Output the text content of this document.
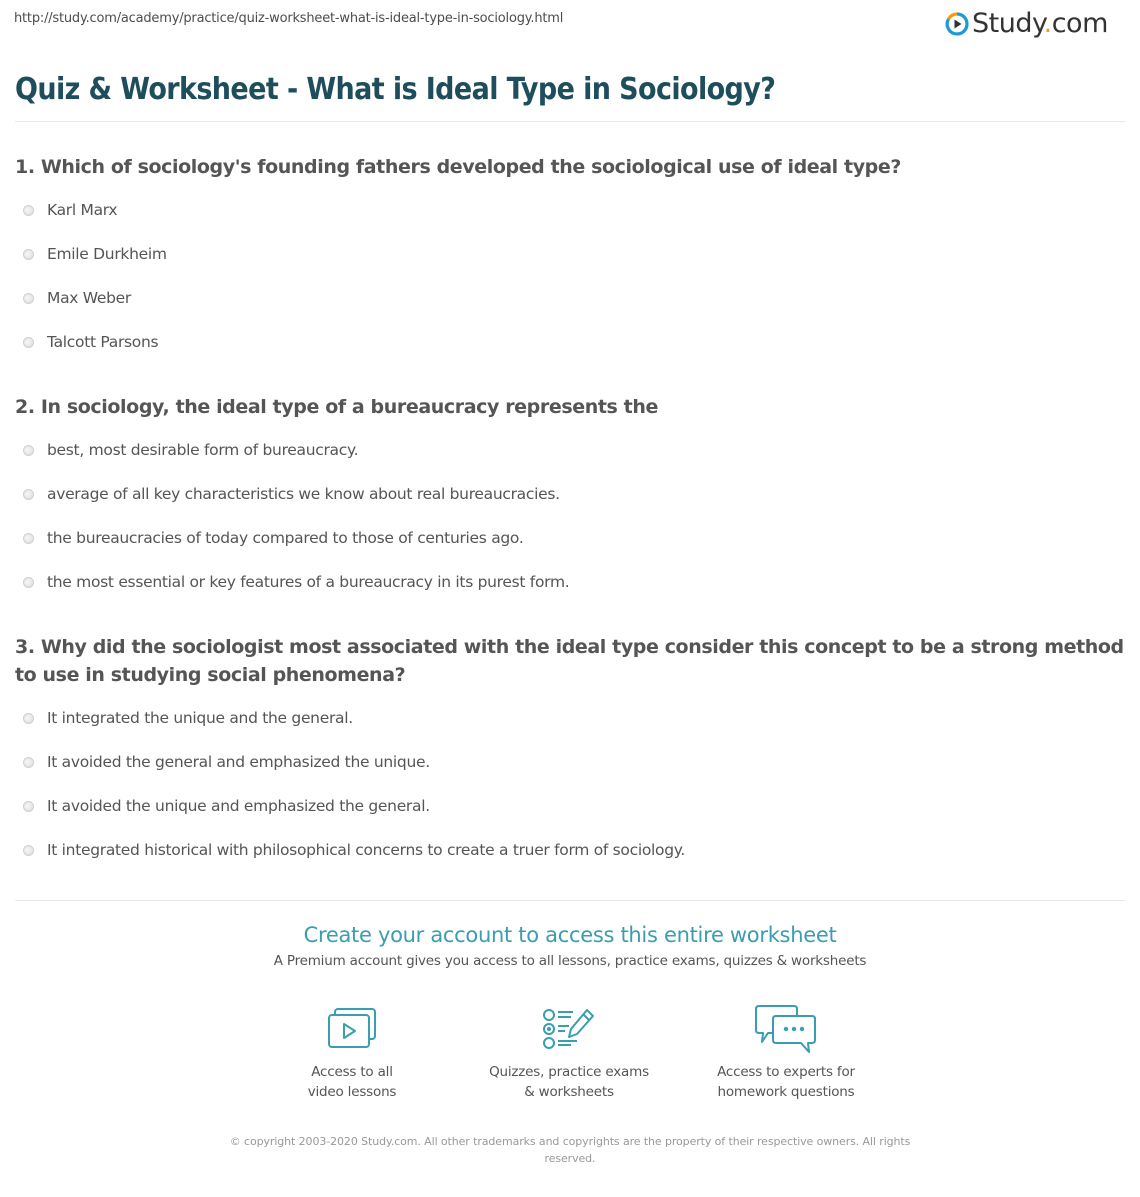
http://study.com/academy/practice/quiz-worksheet-what-is-ideal-type-in-sociology.html	Study.com
Quiz & Worksheet - What is Ideal Type in Sociology?
1. Which of sociology's founding fathers developed the sociological use of ideal type?
Karl Marx
Emile Durkheim
Max Weber
Talcott Parsons
2. In sociology, the ideal type of a bureaucracy represents the
best, most desirable form of bureaucracy.
average of all key characteristics we know about real bureaucracies.
the bureaucracies of today compared to those of centuries ago.
the most essential or key features of a bureaucracy in its purest form.
3. Why did the sociologist most associated with the ideal type consider this concept to be a strong method to use in studying social phenomena?
It integrated the unique and the general.
It avoided the general and emphasized the unique.
It avoided the unique and emphasized the general.
It integrated historical with philosophical concerns to create a truer form of sociology.
Create your account to access this entire worksheet
A Premium account gives you access to all lessons, practice exams, quizzes & worksheets
Access to all
video lessons
Quizzes, practice exams
& worksheets
Access to experts for
homework questions
© copyright 2003-2020 Study.com. All other trademarks and copyrights are the property of their respective owners. All rights reserved.
